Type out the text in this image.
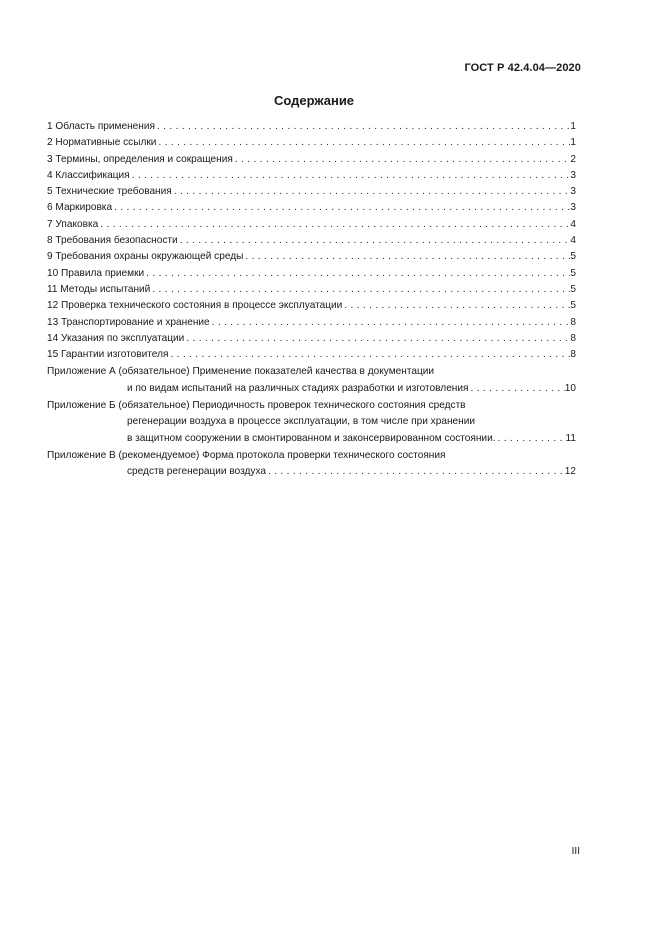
ГОСТ Р 42.4.04—2020
Содержание
1 Область применения . . .	1
2 Нормативные ссылки . . .	1
3 Термины, определения и сокращения . . .	2
4 Классификация . . .	3
5 Технические требования . . .	3
6 Маркировка . . .	3
7 Упаковка . . .	4
8 Требования безопасности . . .	4
9 Требования охраны окружающей среды . . .	5
10 Правила приемки . . .	5
11 Методы испытаний . . .	5
12 Проверка технического состояния в процессе эксплуатации . . .	5
13 Транспортирование и хранение . . .	8
14 Указания по эксплуатации . . .	8
15 Гарантии изготовителя . . .	8
Приложение А (обязательное) Применение показателей качества в документации
и по видам испытаний на различных стадиях разработки и изготовления . . .	10
Приложение Б (обязательное) Периодичность проверок технического состояния средств
регенерации воздуха в процессе эксплуатации, в том числе при хранении
в защитном сооружении в смонтированном и законсервированном состоянии. . . .	11
Приложение В (рекомендуемое) Форма протокола проверки технического состояния
средств регенерации воздуха . . .	12
III
